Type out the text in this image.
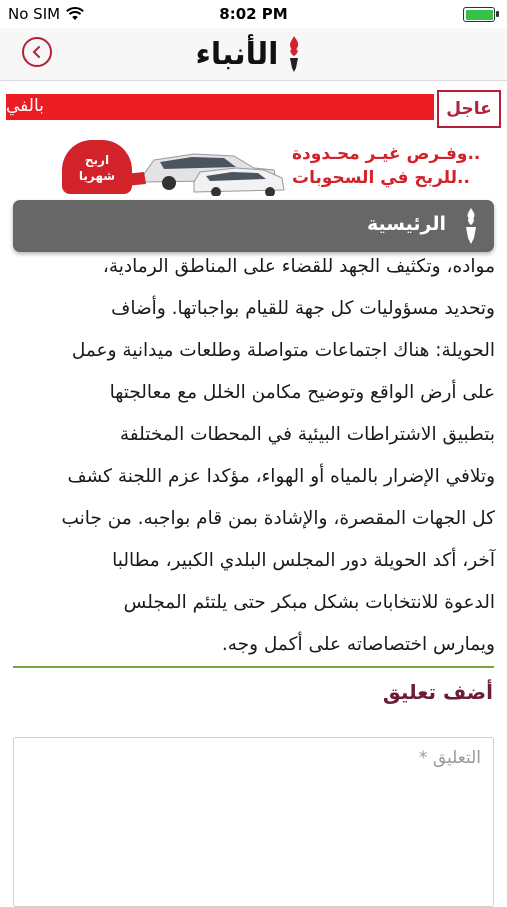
No SIM	8:02 PM
الأنباء
بالفي	عاجل
اربح
شهريا
وفـرص غيـر محـدودة..
للربح في السحوبات..
الرئيسية

مواده، وتكثيف الجهد للقضاء على المناطق الرمادية،

وتحديد مسؤوليات كل جهة للقيام بواجباتها. وأضاف

الحويلة: هناك اجتماعات متواصلة وطلعات ميدانية وعمل

على أرض الواقع وتوضيح مكامن الخلل مع معالجتها

بتطبيق الاشتراطات البيئية في المحطات المختلفة

وتلافي الإضرار بالمياه أو الهواء، مؤكدا عزم اللجنة كشف

كل الجهات المقصرة، والإشادة بمن قام بواجبه. من جانب

آخر، أكد الحويلة دور المجلس البلدي الكبير، مطالبا

الدعوة للانتخابات بشكل مبكر حتى يلتئم المجلس

ويمارس اختصاصاته على أكمل وجه.

أضف تعليق
التعليق *
